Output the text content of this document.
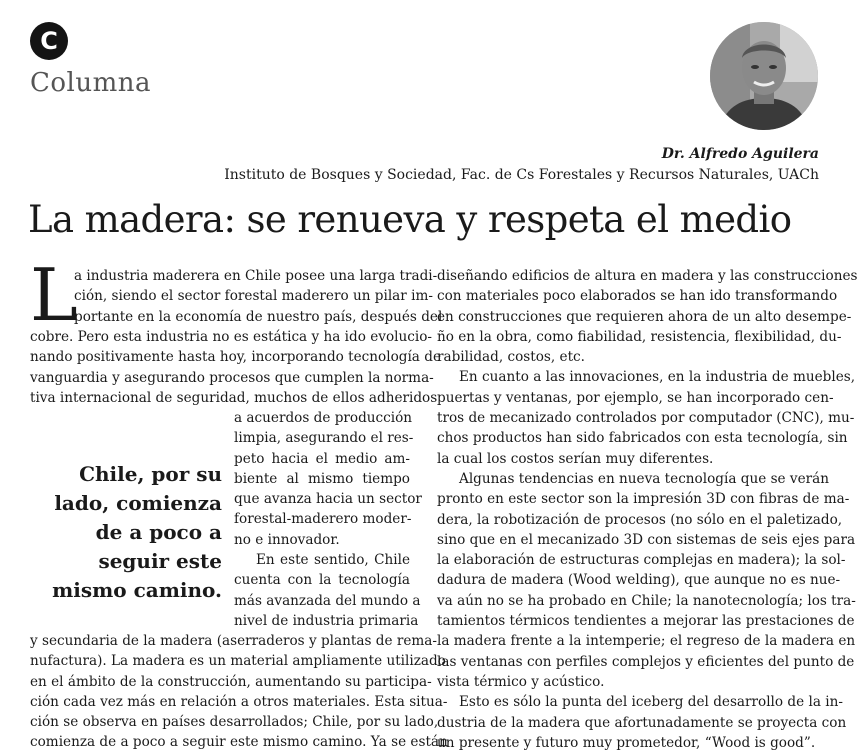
C
Columna
Dr. Alfredo Aguilera
Instituto de Bosques y Sociedad, Fac. de Cs Forestales y Recursos Naturales, UACh
La madera: se renueva y respeta el medio
L
a industria maderera en Chile posee una larga tradi-
ción, siendo el sector forestal maderero un pilar im-
portante en la economía de nuestro país, después del
cobre. Pero esta industria no es estática y ha ido evolucio-
nando positivamente hasta hoy, incorporando tecnología de
vanguardia y asegurando procesos que cumplen la norma-
tiva internacional de seguridad, muchos de ellos adheridos
a acuerdos de producción
limpia, asegurando el res-
peto hacia el medio am-
biente al mismo tiempo
que avanza hacia un sector
forestal-maderero moder-
no e innovador.
En este sentido, Chile
cuenta con la tecnología
más avanzada del mundo a
nivel de industria primaria
y secundaria de la madera (aserraderos y plantas de rema-
nufactura). La madera es un material ampliamente utilizado
en el ámbito de la construcción, aumentando su participa-
ción cada vez más en relación a otros materiales. Esta situa-
ción se observa en países desarrollados; Chile, por su lado,
comienza de a poco a seguir este mismo camino. Ya se están
Chile, por su lado, comienza de a poco a seguir este mismo camino.
diseñando edificios de altura en madera y las construcciones
con materiales poco elaborados se han ido transformando
en construcciones que requieren ahora de un alto desempe-
ño en la obra, como fiabilidad, resistencia, flexibilidad, du-
rabilidad, costos, etc.
En cuanto a las innovaciones, en la industria de muebles,
puertas y ventanas, por ejemplo, se han incorporado cen-
tros de mecanizado controlados por computador (CNC), mu-
chos productos han sido fabricados con esta tecnología, sin
la cual los costos serían muy diferentes.
Algunas tendencias en nueva tecnología que se verán
pronto en este sector son la impresión 3D con fibras de ma-
dera, la robotización de procesos (no sólo en el paletizado,
sino que en el mecanizado 3D con sistemas de seis ejes para
la elaboración de estructuras complejas en madera); la sol-
dadura de madera (Wood welding), que aunque no es nue-
va aún no se ha probado en Chile; la nanotecnología; los tra-
tamientos térmicos tendientes a mejorar las prestaciones de
la madera frente a la intemperie; el regreso de la madera en
las ventanas con perfiles complejos y eficientes del punto de
vista térmico y acústico.
Esto es sólo la punta del iceberg del desarrollo de la in-
dustria de la madera que afortunadamente se proyecta con
un presente y futuro muy prometedor, “Wood is good”.
